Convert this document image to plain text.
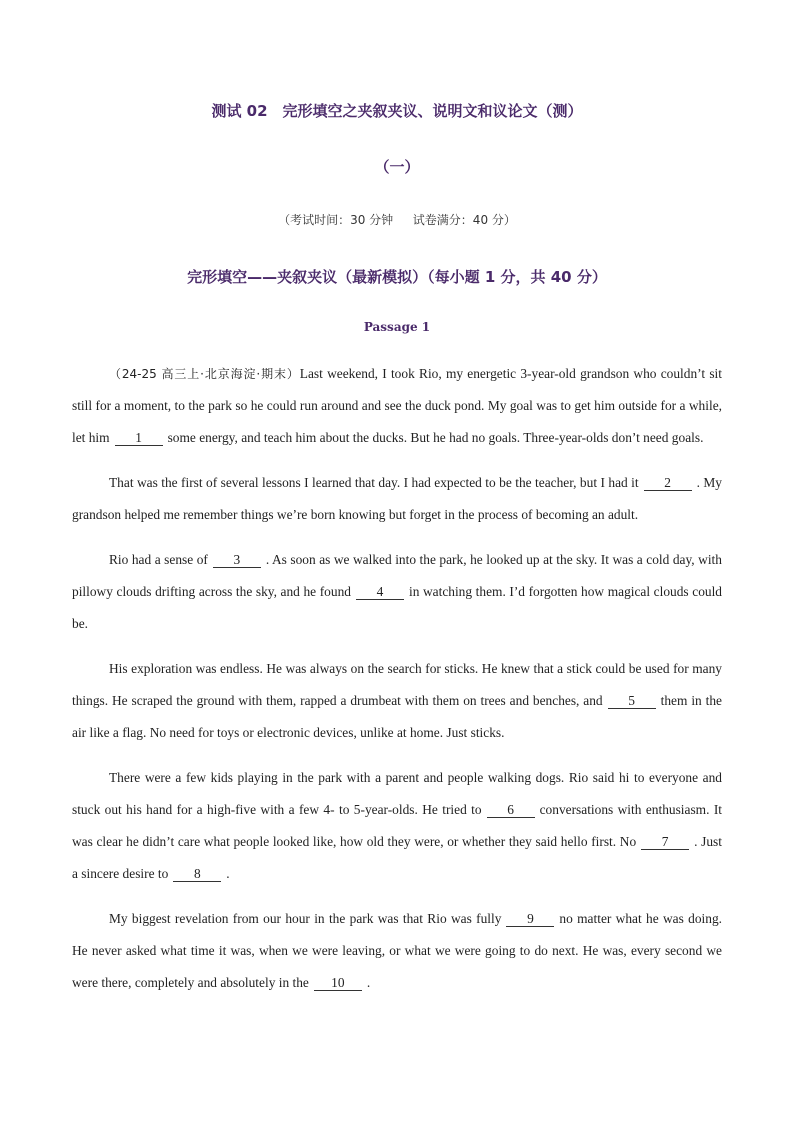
测试 02　完形填空之夹叙夹议、说明文和议论文（测）
（一）
（考试时间：30 分钟 　 试卷满分：40 分）
完形填空——夹叙夹议（最新模拟）（每小题 1 分，共 40 分）
Passage 1

（24-25 高三上·北京海淀·期末）Last weekend, I took Rio, my energetic 3-year-old grandson who couldn’t sit still for a moment, to the park so he could run around and see the duck pond. My goal was to get him outside for a while, let him 1 some energy, and teach him about the ducks. But he had no goals. Three-year-olds don’t need goals.

That was the first of several lessons I learned that day. I had expected to be the teacher, but I had it 2 . My grandson helped me remember things we’re born knowing but forget in the process of becoming an adult.

Rio had a sense of 3 . As soon as we walked into the park, he looked up at the sky. It was a cold day, with pillowy clouds drifting across the sky, and he found 4 in watching them. I’d forgotten how magical clouds could be.

His exploration was endless. He was always on the search for sticks. He knew that a stick could be used for many things. He scraped the ground with them, rapped a drumbeat with them on trees and benches, and 5 them in the air like a flag. No need for toys or electronic devices, unlike at home. Just sticks.

There were a few kids playing in the park with a parent and people walking dogs. Rio said hi to everyone and stuck out his hand for a high-five with a few 4- to 5-year-olds. He tried to 6 conversations with enthusiasm. It was clear he didn’t care what people looked like, how old they were, or whether they said hello first. No 7 . Just a sincere desire to 8 .

My biggest revelation from our hour in the park was that Rio was fully 9 no matter what he was doing. He never asked what time it was, when we were leaving, or what we were going to do next. He was, every second we were there, completely and absolutely in the 10 .
